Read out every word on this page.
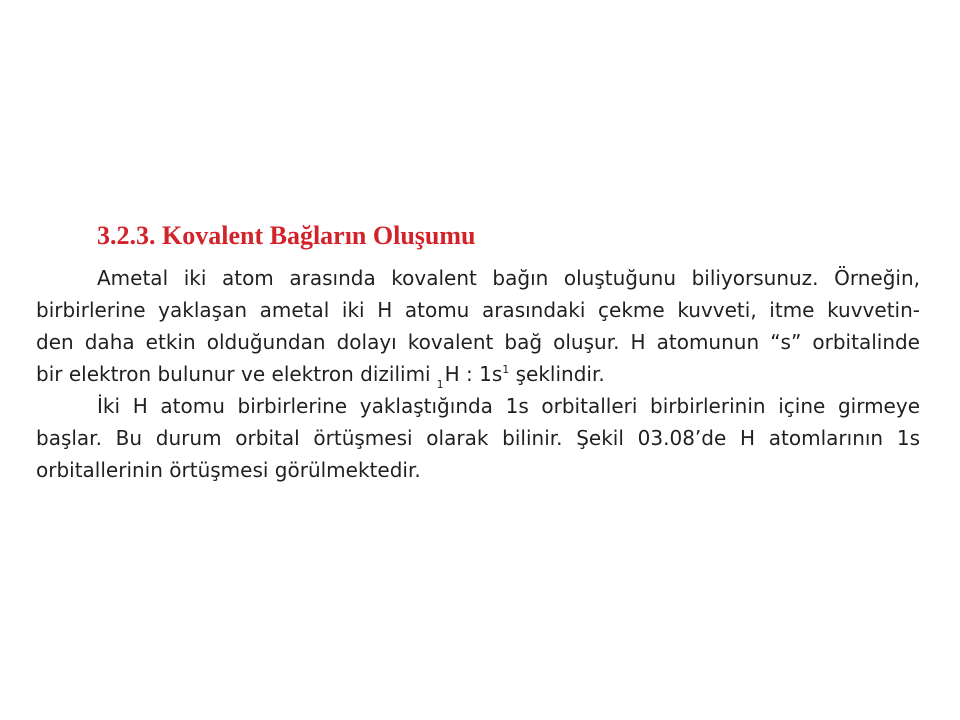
3.2.3. Kovalent Bağların Oluşumu
Ametal iki atom arasında kovalent bağın oluştuğunu biliyorsunuz. Örneğin,
birbirlerine yaklaşan ametal iki H atomu arasındaki çekme kuvveti, itme kuvvetin-
den daha etkin olduğundan dolayı kovalent bağ oluşur. H atomunun “s” orbitalinde
bir elektron bulunur ve elektron dizilimi $_1$H : $1s^1$ şeklindir.
İki H atomu birbirlerine yaklaştığında 1s orbitalleri birbirlerinin içine girmeye
başlar. Bu durum orbital örtüşmesi olarak bilinir. Şekil 03.08’de H atomlarının 1s
orbitallerinin örtüşmesi görülmektedir.
